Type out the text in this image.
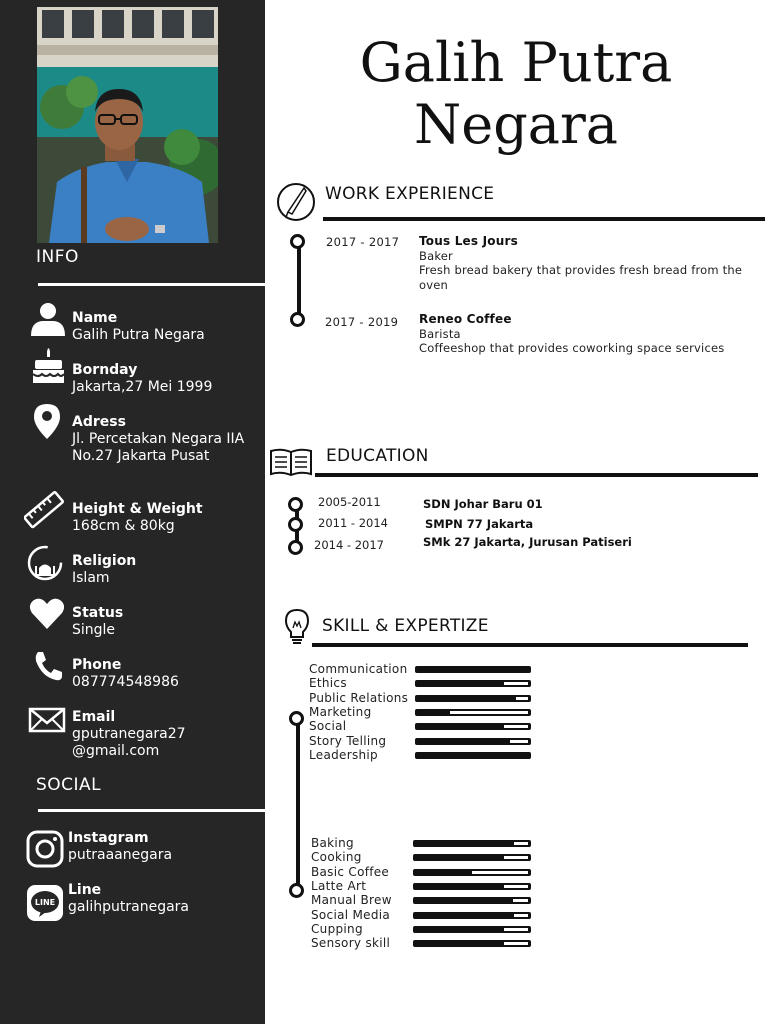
INFO
Name
Galih Putra Negara
Bornday
Jakarta,27 Mei 1999
Adress
Jl. Percetakan Negara IIA
No.27 Jakarta Pusat
Height & Weight
168cm & 80kg
Religion
Islam
Status
Single
Phone
087774548986
Email
gputranegara27
@gmail.com
SOCIAL
Instagram
putraaanegara
LINE
Line
galihputranegara
Galih Putra
Negara
WORK EXPERIENCE
2017 - 2017 Tous Les Jours
Baker
Fresh bread bakery that provides fresh bread from the oven
2017 - 2019 Reneo Coffee
Barista
Coffeeshop that provides coworking space services
EDUCATION
2005-2011	SDN Johar Baru 01
2011 - 2014	SMPN 77 Jakarta
2014 - 2017	SMk 27 Jakarta, Jurusan Patiseri
SKILL & EXPERTIZE
Communication
Ethics
Public Relations
Marketing
Social
Story Telling
Leadership
Baking
Cooking
Basic Coffee
Latte Art
Manual Brew
Social Media
Cupping
Sensory skill
